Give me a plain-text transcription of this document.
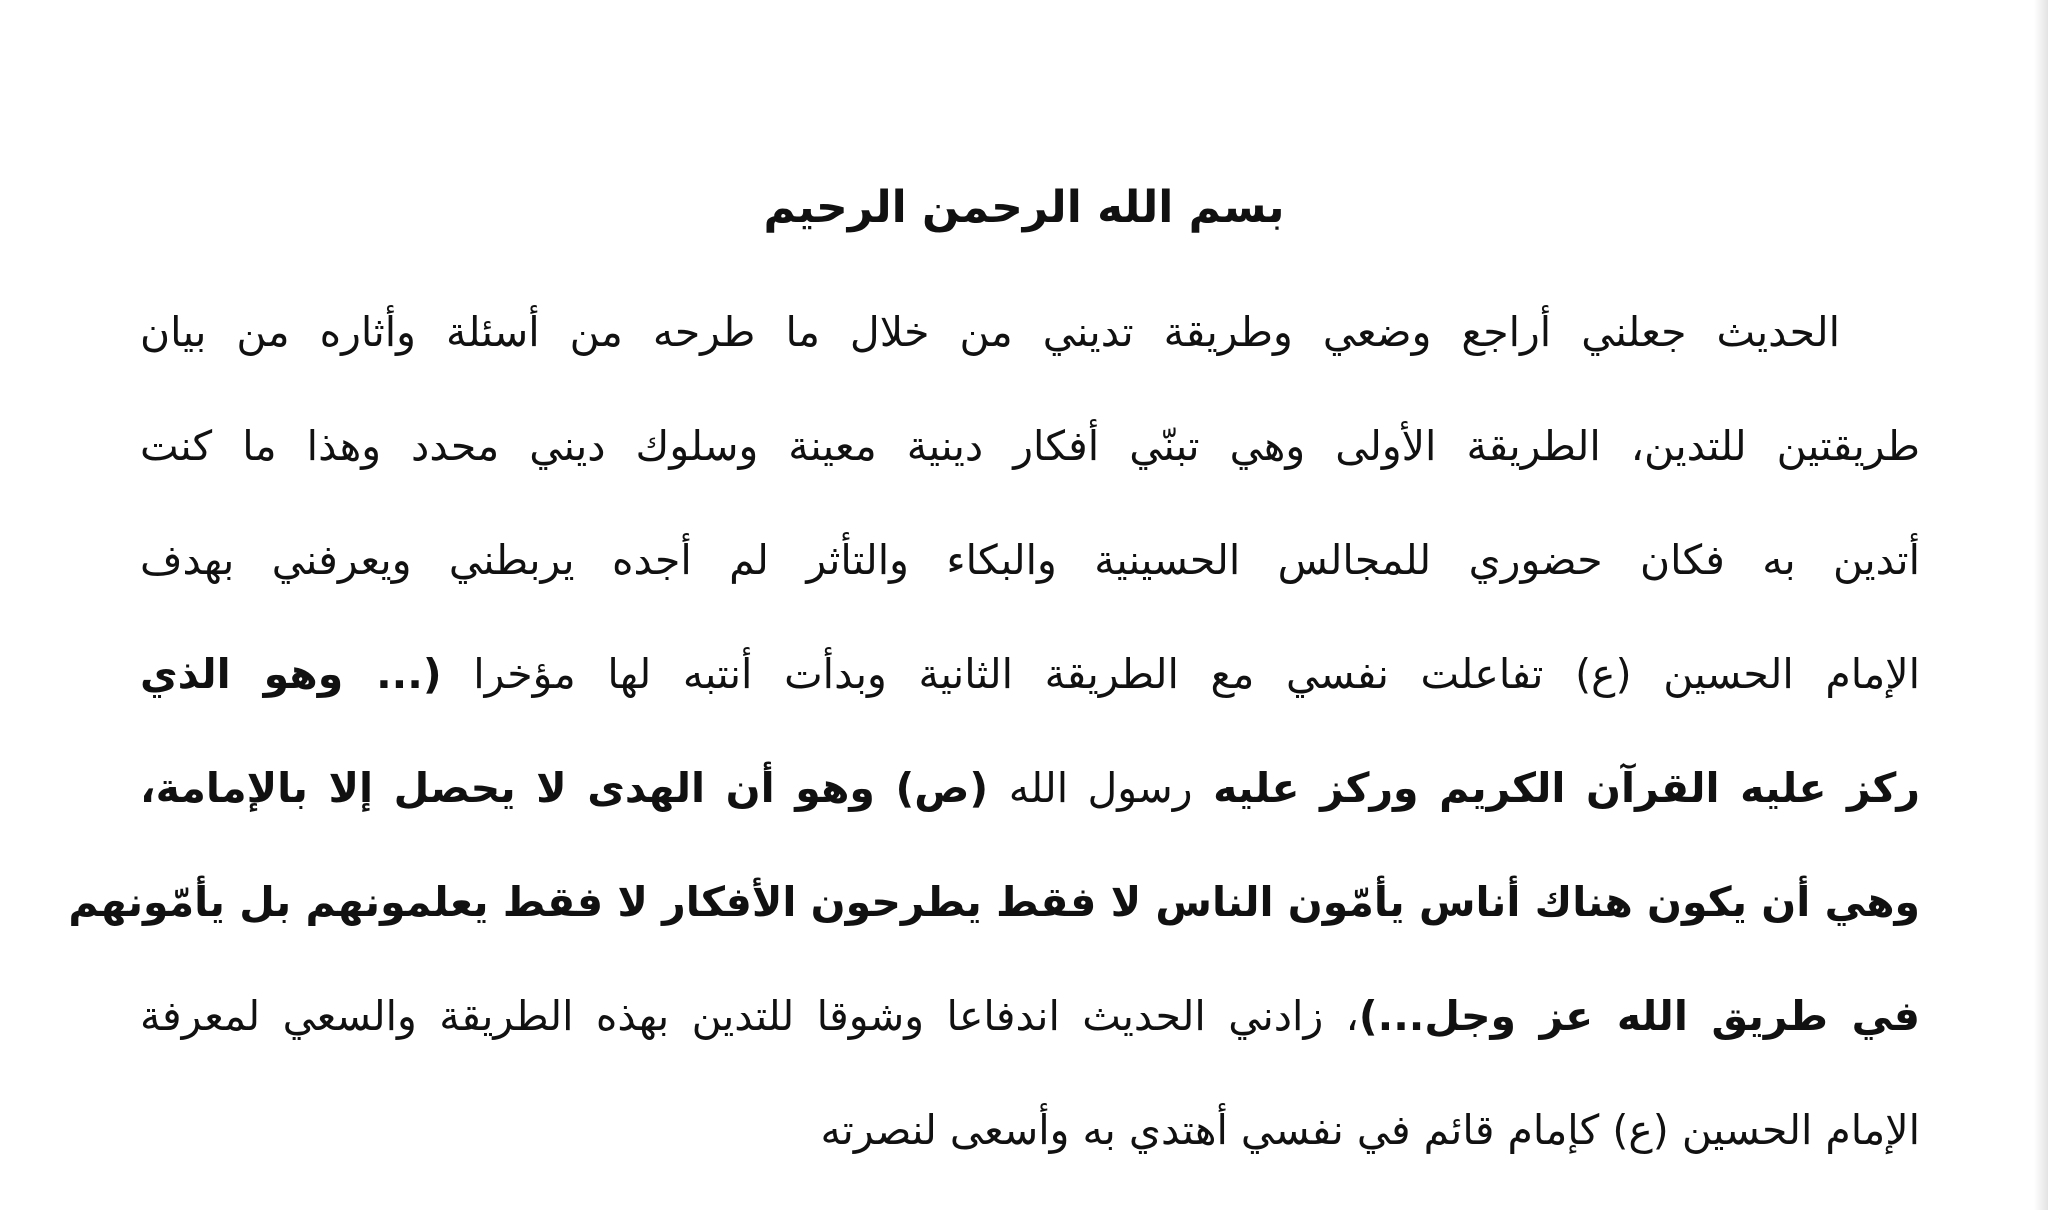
بسم الله الرحمن الرحيم
الحديث جعلني أراجع وضعي وطريقة تديني من خلال ما طرحه من أسئلة وأثاره من بيان
طريقتين للتدين، الطريقة الأولى وهي تبنّي أفكار دينية معينة وسلوك ديني محدد وهذا ما كنت
أتدين به فكان حضوري للمجالس الحسينية والبكاء والتأثر لم أجده يربطني ويعرفني بهدف
الإمام الحسين (ع) تفاعلت نفسي مع الطريقة الثانية وبدأت أنتبه لها مؤخرا (... وهو الذي
ركز عليه القرآن الكريم وركز عليه رسول الله (ص) وهو أن الهدى لا يحصل إلا بالإمامة،
وهي أن يكون هناك أناس يأمّون الناس لا فقط يطرحون الأفكار لا فقط يعلمونهم بل يأمّونهم
في طريق الله عز وجل...)، زادني الحديث اندفاعا وشوقا للتدين بهذه الطريقة والسعي لمعرفة
الإمام الحسين (ع) كإمام قائم في نفسي أهتدي به وأسعى لنصرته
